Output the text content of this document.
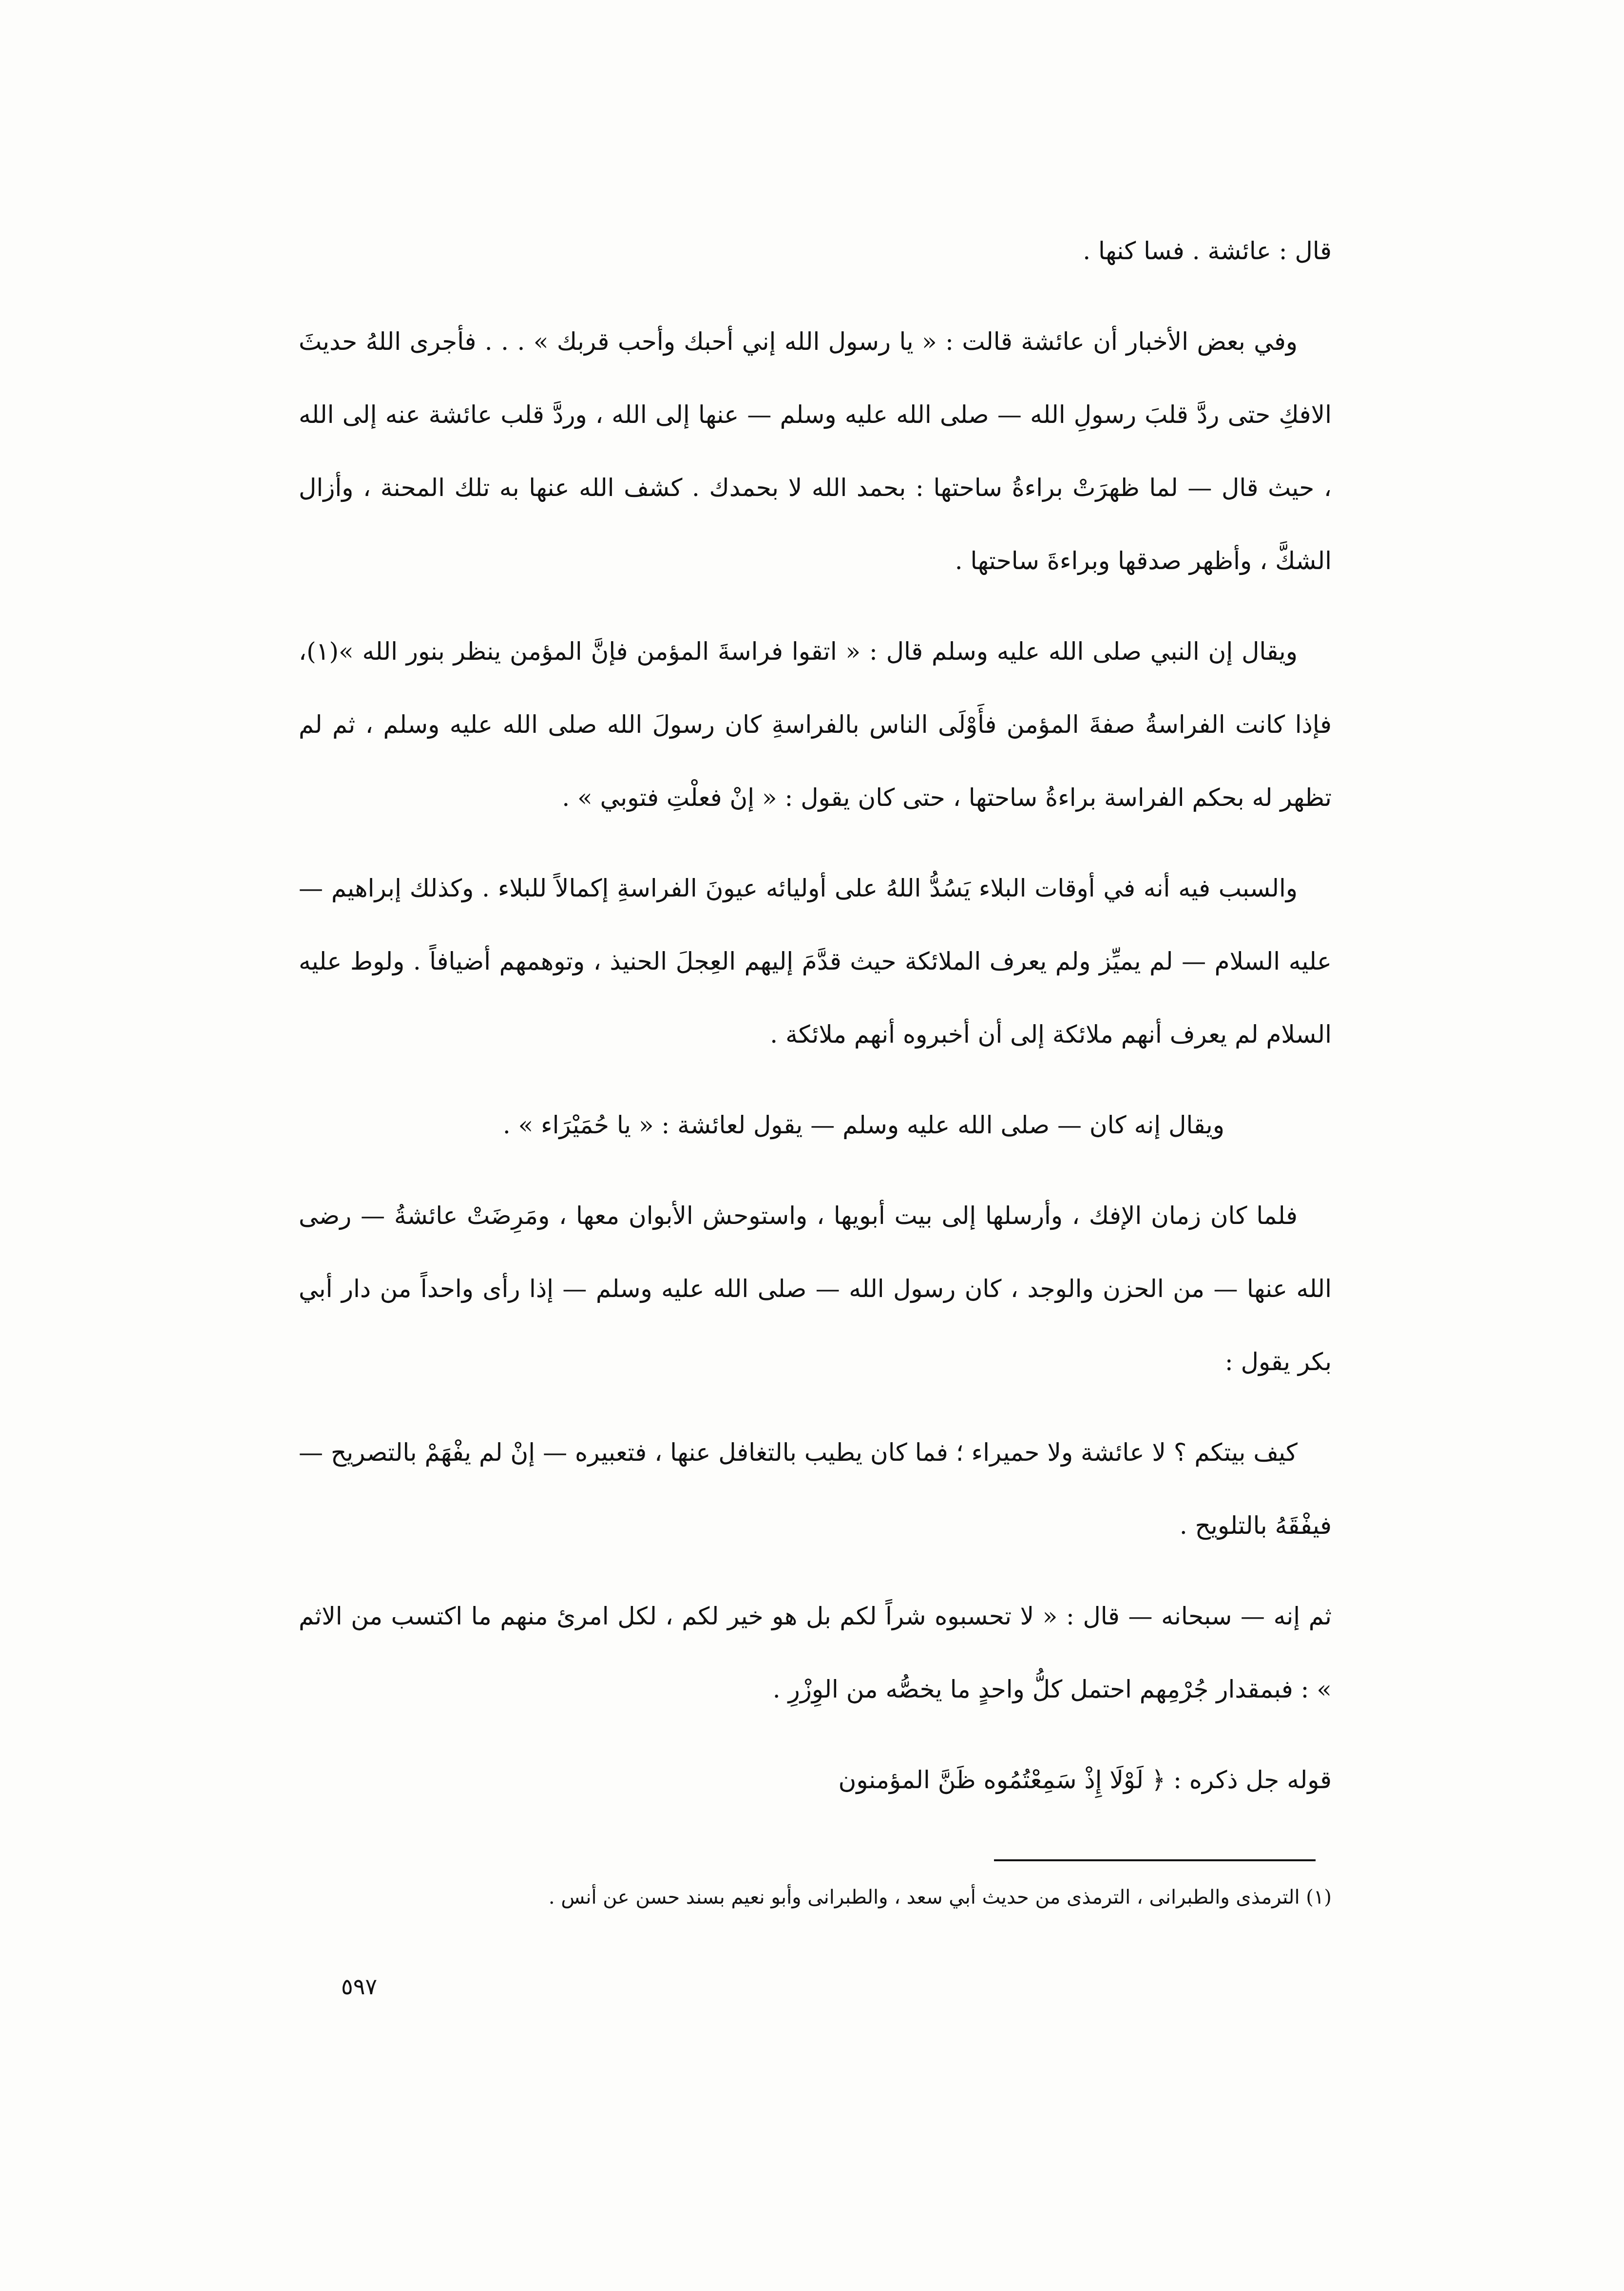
قال : عائشة . فسا كنها .

وفي بعض الأخبار أن عائشة قالت : « يا رسول الله إني أحبك وأحب قربك » . . . فأجرى اللهُ حديثَ الافكِ حتى ردَّ قلبَ رسولِ الله — صلى الله عليه وسلم — عنها إلى الله ، وردَّ قلب عائشة عنه إلى الله ، حيث قال — لما ظهرَتْ براءةُ ساحتها : بحمد الله لا بحمدك . كشف الله عنها به تلك المحنة ، وأزال الشكَّ ، وأظهر صدقها وبراءةَ ساحتها .

ويقال إن النبي صلى الله عليه وسلم قال : « اتقوا فراسةَ المؤمن فإنَّ المؤمن ينظر بنور الله »(١)، فإذا كانت الفراسةُ صفةَ المؤمن فأَوْلَى الناس بالفراسةِ كان رسولَ الله صلى الله عليه وسلم ، ثم لم تظهر له بحكم الفراسة براءةُ ساحتها ، حتى كان يقول : « إنْ فعلْتِ فتوبي » .

والسبب فيه أنه في أوقات البلاء يَسُدُّ اللهُ على أوليائه عيونَ الفراسةِ إكمالاً للبلاء . وكذلك إبراهيم — عليه السلام — لم يميِّز ولم يعرف الملائكة حيث قدَّمَ إليهم العِجلَ الحنيذ ، وتوهمهم أضيافاً . ولوط عليه السلام لم يعرف أنهم ملائكة إلى أن أخبروه أنهم ملائكة .

ويقال إنه كان — صلى الله عليه وسلم — يقول لعائشة : « يا حُمَيْرَاء » .

فلما كان زمان الإفك ، وأرسلها إلى بيت أبويها ، واستوحش الأبوان معها ، ومَرِضَتْ عائشةُ — رضى الله عنها — من الحزن والوجد ، كان رسول الله — صلى الله عليه وسلم — إذا رأى واحداً من دار أبي بكر يقول :

كيف بيتكم ؟ لا عائشة ولا حميراء ؛ فما كان يطيب بالتغافل عنها ، فتعبيره — إنْ لم يفْهَمْ بالتصريح — فيفْقَهُ بالتلويح .

ثم إنه — سبحانه — قال : « لا تحسبوه شراً لكم بل هو خير لكم ، لكل امرئ منهم ما اكتسب من الاثم » : فبمقدار جُرْمِهم احتمل كلُّ واحدٍ ما يخصُّه من الوِزْرِ .

قوله جل ذكره : ﴿ لَوْلَا إِذْ سَمِعْتُمُوه ظَنَّ المؤمنون

(١) الترمذى والطبرانى ، الترمذى من حديث أبي سعد ، والطبرانى وأبو نعيم بسند حسن عن أنس .
٥٩٧
